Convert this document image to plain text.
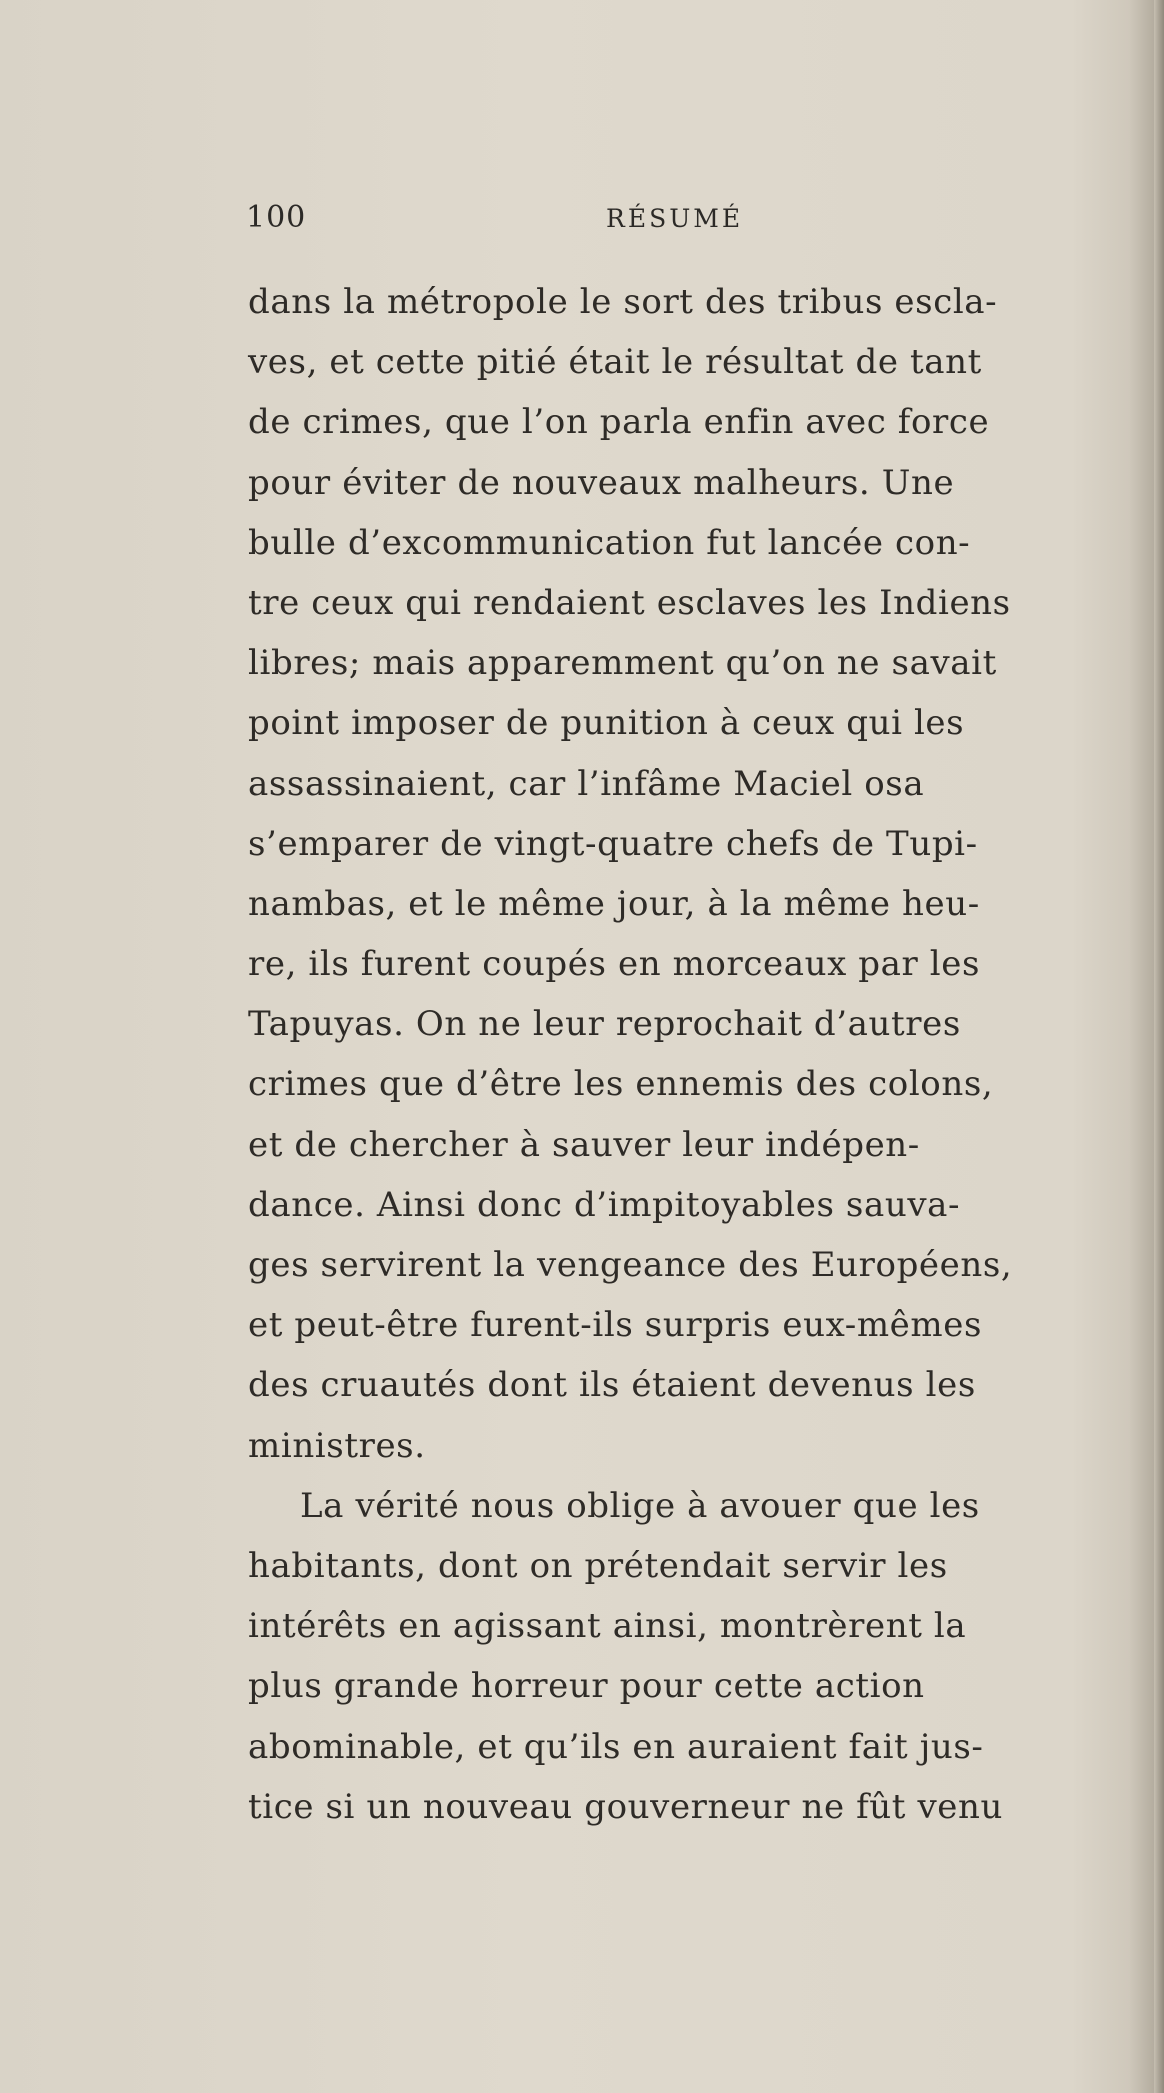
100	RÉSUMÉ
dans la métropole le sort des tribus escla-
ves, et cette pitié était le résultat de tant
de crimes, que l’on parla enfin avec force
pour éviter de nouveaux malheurs. Une
bulle d’excommunication fut lancée con-
tre ceux qui rendaient esclaves les Indiens
libres; mais apparemment qu’on ne savait
point imposer de punition à ceux qui les
assassinaient, car l’infâme Maciel osa
s’emparer de vingt-quatre chefs de Tupi-
nambas, et le même jour, à la même heu-
re, ils furent coupés en morceaux par les
Tapuyas. On ne leur reprochait d’autres
crimes que d’être les ennemis des colons,
et de chercher à sauver leur indépen-
dance. Ainsi donc d’impitoyables sauva-
ges servirent la vengeance des Européens,
et peut-être furent-ils surpris eux-mêmes
des cruautés dont ils étaient devenus les
ministres.
La vérité nous oblige à avouer que les
habitants, dont on prétendait servir les
intérêts en agissant ainsi, montrèrent la
plus grande horreur pour cette action
abominable, et qu’ils en auraient fait jus-
tice si un nouveau gouverneur ne fût venu
